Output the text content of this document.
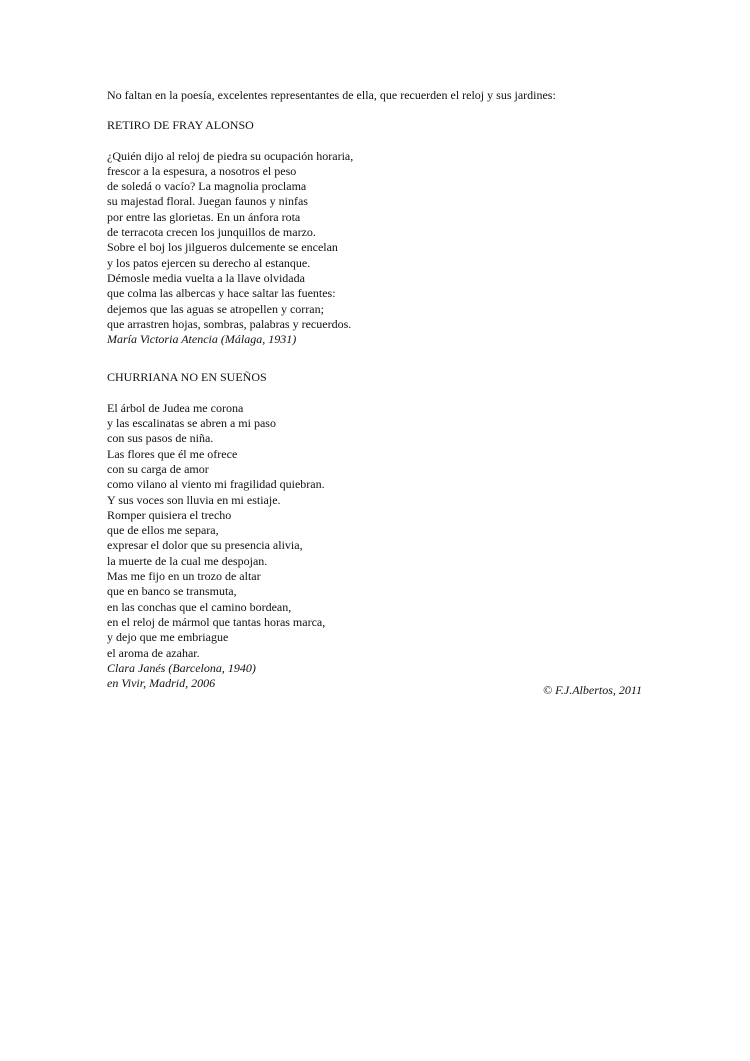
No faltan en la poesía, excelentes representantes de ella, que recuerden el reloj y sus jardines:

RETIRO DE FRAY ALONSO

¿Quién dijo al reloj de piedra su ocupación horaria,
frescor a la espesura, a nosotros el peso
de soledá o vacío? La magnolia proclama
su majestad floral. Juegan faunos y ninfas
por entre las glorietas. En un ánfora rota
de terracota crecen los junquillos de marzo.
Sobre el boj los jilgueros dulcemente se encelan
y los patos ejercen su derecho al estanque.
Démosle media vuelta a la llave olvidada
que colma las albercas y hace saltar las fuentes:
dejemos que las aguas se atropellen y corran;
que arrastren hojas, sombras, palabras y recuerdos.
María Victoria Atencia (Málaga, 1931)

CHURRIANA NO EN SUEÑOS

El árbol de Judea me corona
y las escalinatas se abren a mi paso
con sus pasos de niña.
Las flores que él me ofrece
con su carga de amor
como vilano al viento mi fragilidad quiebran.
Y sus voces son lluvia en mi estiaje.
Romper quisiera el trecho
que de ellos me separa,
expresar el dolor que su presencia alivia,
la muerte de la cual me despojan.
Mas me fijo en un trozo de altar
que en banco se transmuta,
en las conchas que el camino bordean,
en el reloj de mármol que tantas horas marca,
y dejo que me embriague
el aroma de azahar.
Clara Janés (Barcelona, 1940)
en Vivir, Madrid, 2006	© F.J.Albertos, 2011
